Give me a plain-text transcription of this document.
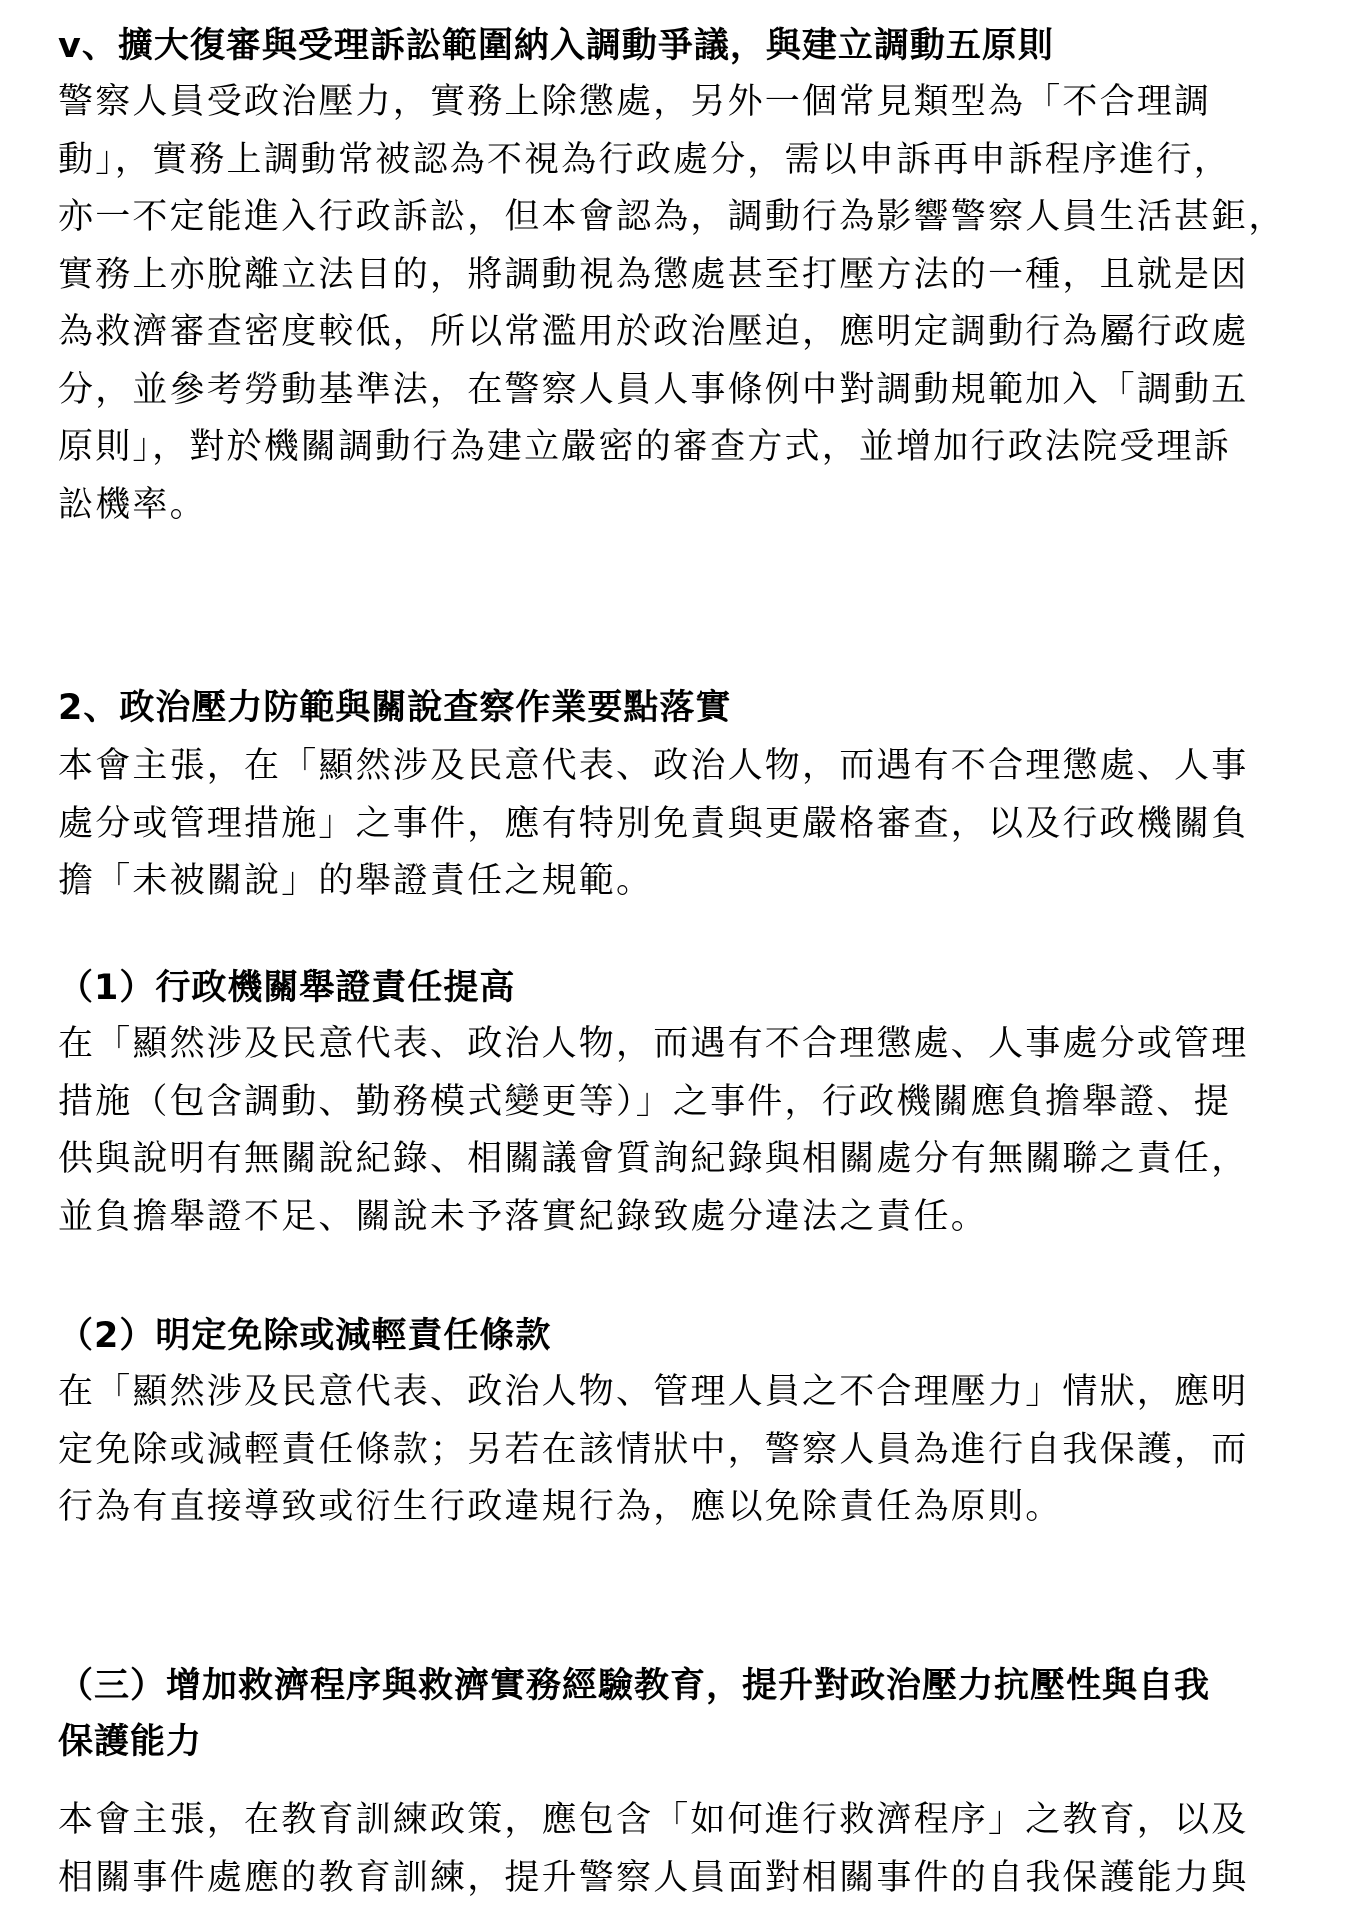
v、擴大復審與受理訴訟範圍納入調動爭議，與建立調動五原則
警察人員受政治壓力，實務上除懲處，另外一個常見類型為「不合理調
動」，實務上調動常被認為不視為行政處分，需以申訴再申訴程序進行，
亦一不定能進入行政訴訟，但本會認為，調動行為影響警察人員生活甚鉅，
實務上亦脫離立法目的，將調動視為懲處甚至打壓方法的一種，且就是因
為救濟審查密度較低，所以常濫用於政治壓迫，應明定調動行為屬行政處
分，並參考勞動基準法，在警察人員人事條例中對調動規範加入「調動五
原則」，對於機關調動行為建立嚴密的審查方式，並增加行政法院受理訴
訟機率。
2、政治壓力防範與關說查察作業要點落實
本會主張，在「顯然涉及民意代表、政治人物，而遇有不合理懲處、人事
處分或管理措施」之事件，應有特別免責與更嚴格審查，以及行政機關負
擔「未被關說」的舉證責任之規範。
（1）行政機關舉證責任提高
在「顯然涉及民意代表、政治人物，而遇有不合理懲處、人事處分或管理
措施（包含調動、勤務模式變更等）」之事件，行政機關應負擔舉證、提
供與說明有無關說紀錄、相關議會質詢紀錄與相關處分有無關聯之責任，
並負擔舉證不足、關說未予落實紀錄致處分違法之責任。
（2）明定免除或減輕責任條款
在「顯然涉及民意代表、政治人物、管理人員之不合理壓力」情狀，應明
定免除或減輕責任條款；另若在該情狀中，警察人員為進行自我保護，而
行為有直接導致或衍生行政違規行為，應以免除責任為原則。
（三）增加救濟程序與救濟實務經驗教育，提升對政治壓力抗壓性與自我
保護能力
本會主張，在教育訓練政策，應包含「如何進行救濟程序」之教育，以及
相關事件處應的教育訓練，提升警察人員面對相關事件的自我保護能力與
